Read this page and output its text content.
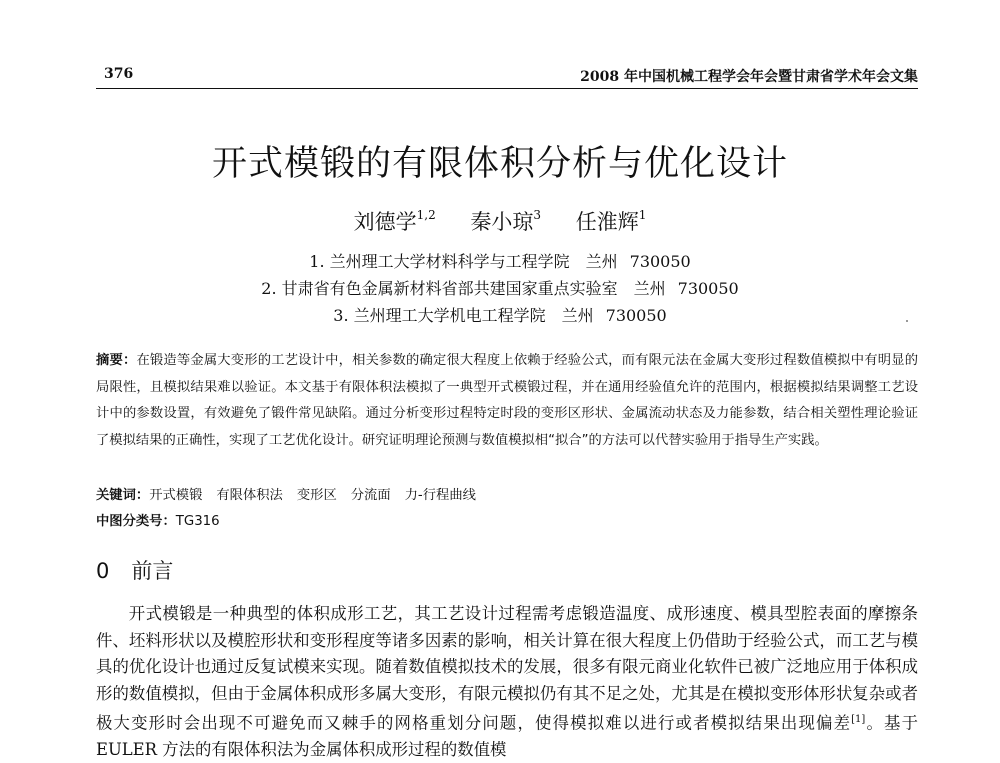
376	2008 年中国机械工程学会年会暨甘肃省学术年会文集
开式模锻的有限体积分析与优化设计
刘德学$^{1,2}$ 秦小琼$^3$ 任淮辉$^1$
1. 兰州理工大学材料科学与工程学院　兰州 730050
2. 甘肃省有色金属新材料省部共建国家重点实验室　兰州 730050
3. 兰州理工大学机电工程学院　兰州 730050
摘要：在锻造等金属大变形的工艺设计中，相关参数的确定很大程度上依赖于经验公式，而有限元法在金属大变形过程数值模拟中有明显的局限性，且模拟结果难以验证。本文基于有限体积法模拟了一典型开式模锻过程，并在通用经验值允许的范围内，根据模拟结果调整工艺设计中的参数设置，有效避免了锻件常见缺陷。通过分析变形过程特定时段的变形区形状、金属流动状态及力能参数，结合相关塑性理论验证了模拟结果的正确性，实现了工艺优化设计。研究证明理论预测与数值模拟相“拟合”的方法可以代替实验用于指导生产实践。
关键词：开式模锻 有限体积法 变形区 分流面 力-行程曲线
中图分类号：TG316
0 前言
开式模锻是一种典型的体积成形工艺，其工艺设计过程需考虑锻造温度、成形速度、模具型腔表面的摩擦条件、坯料形状以及模腔形状和变形程度等诸多因素的影响，相关计算在很大程度上仍借助于经验公式，而工艺与模具的优化设计也通过反复试模来实现。随着数值模拟技术的发展，很多有限元商业化软件已被广泛地应用于体积成形的数值模拟，但由于金属体积成形多属大变形，有限元模拟仍有其不足之处，尤其是在模拟变形体形状复杂或者极大变形时会出现不可避免而又棘手的网格重划分问题，使得模拟难以进行或者模拟结果出现偏差[1]。基于 EULER 方法的有限体积法为金属体积成形过程的数值模
